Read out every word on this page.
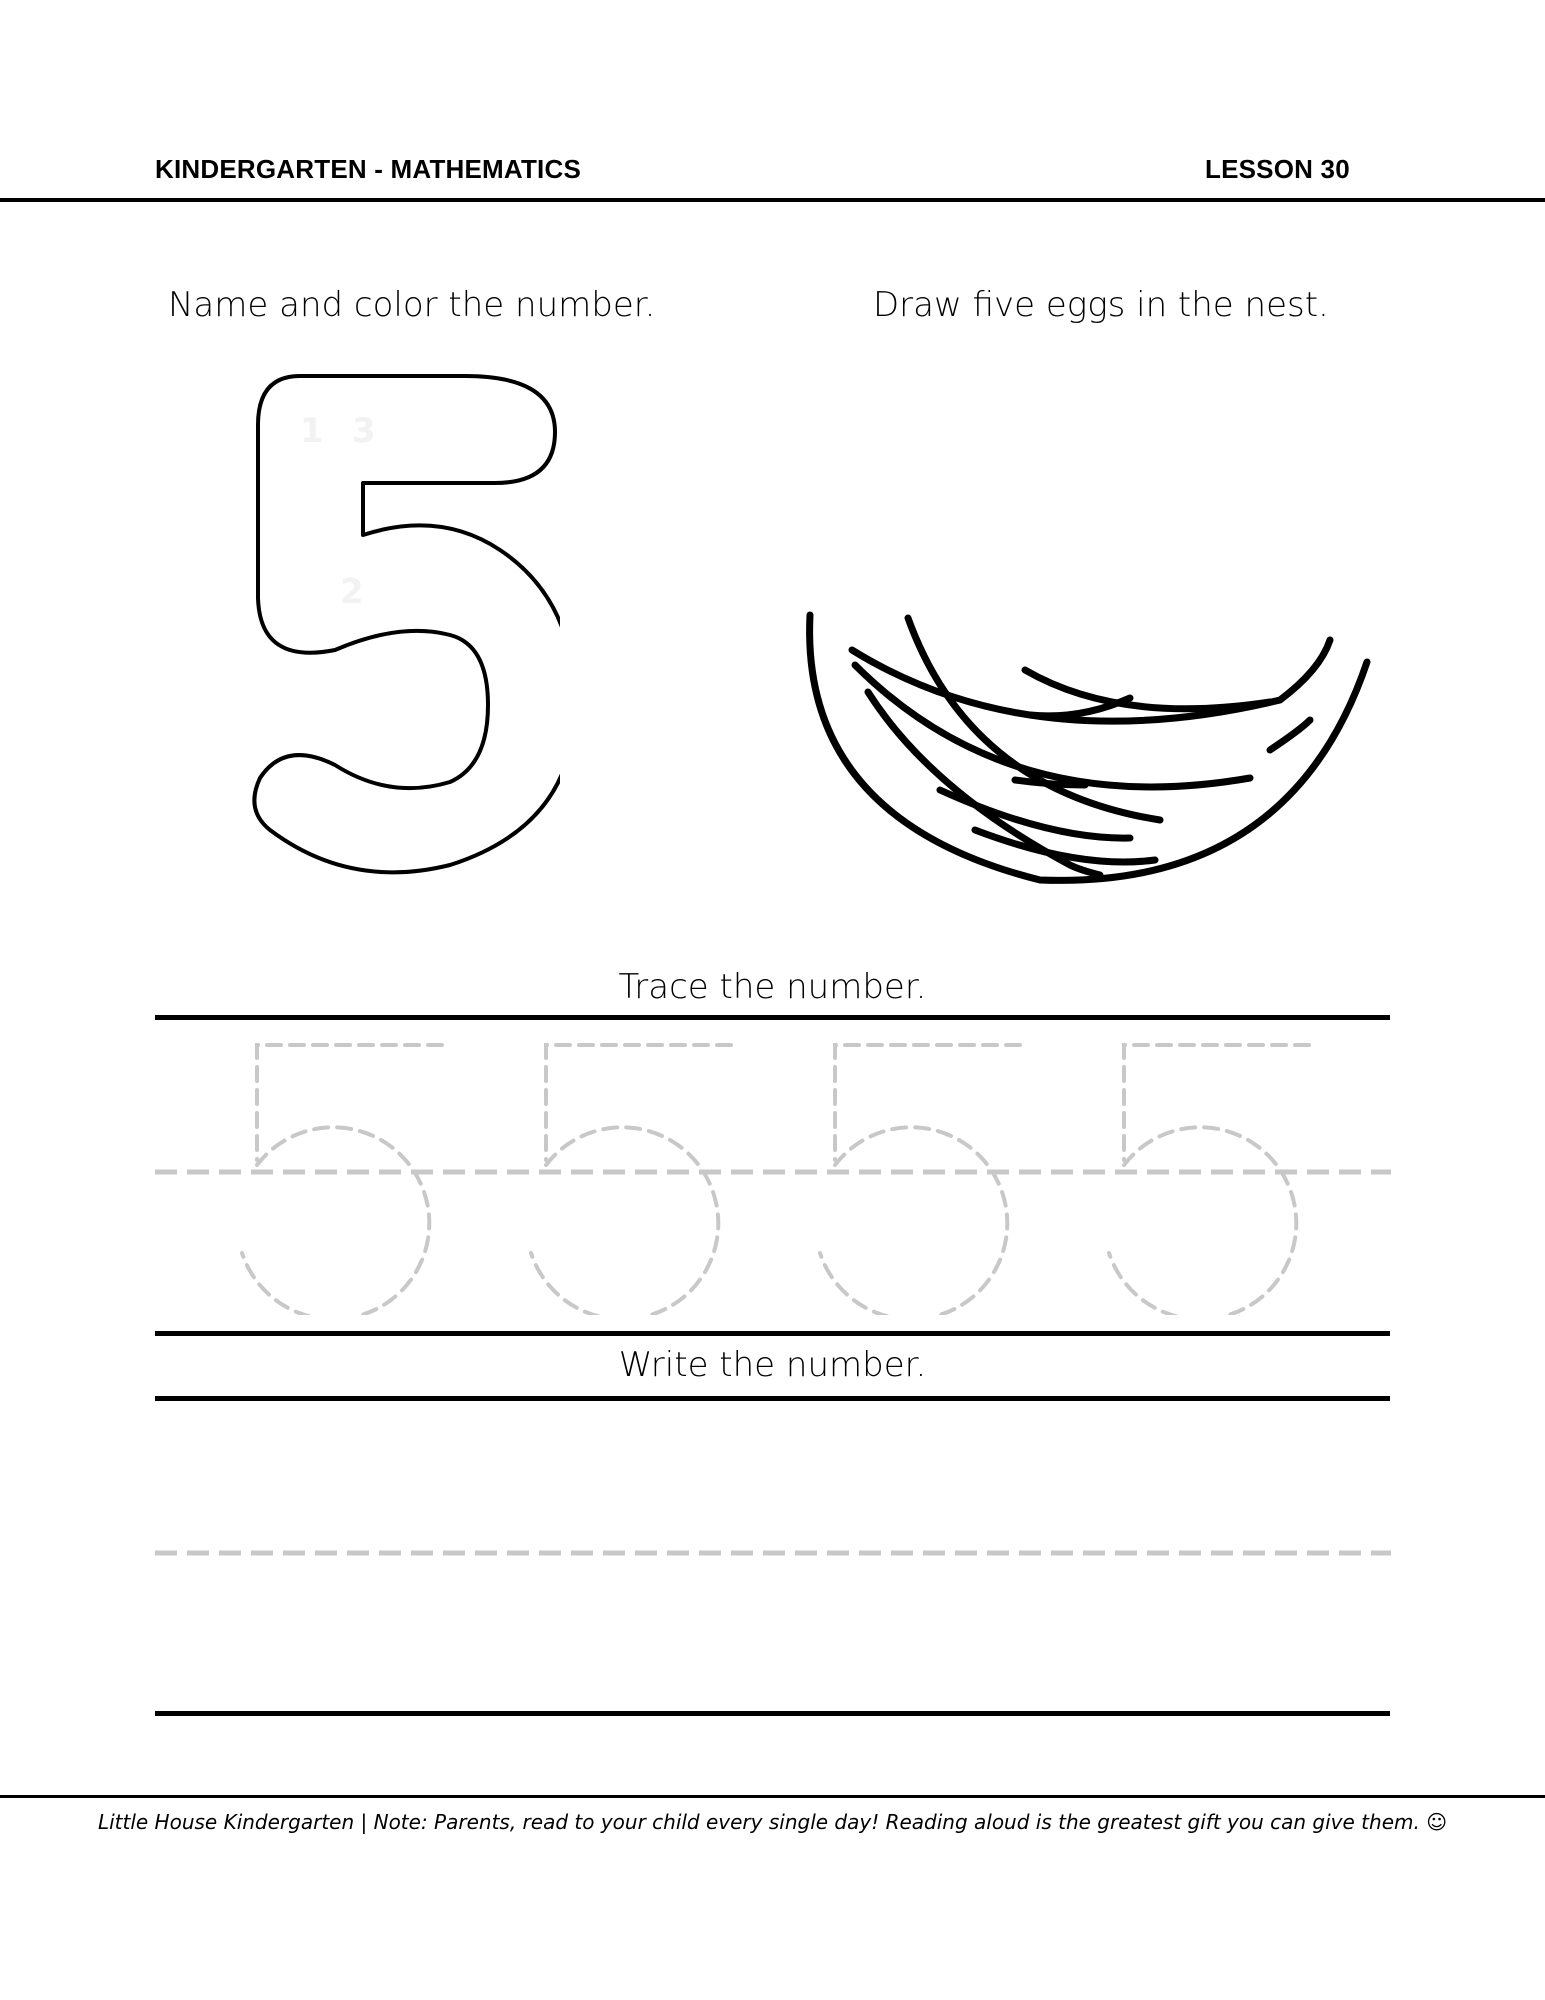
KINDERGARTEN - MATHEMATICS	LESSON 30
Name and color the number.	Draw five eggs in the nest.
1 3
2
Trace the number.
Write the number.
Little House Kindergarten | Note: Parents, read to your child every single day! Reading aloud is the greatest gift you can give them. ☺
